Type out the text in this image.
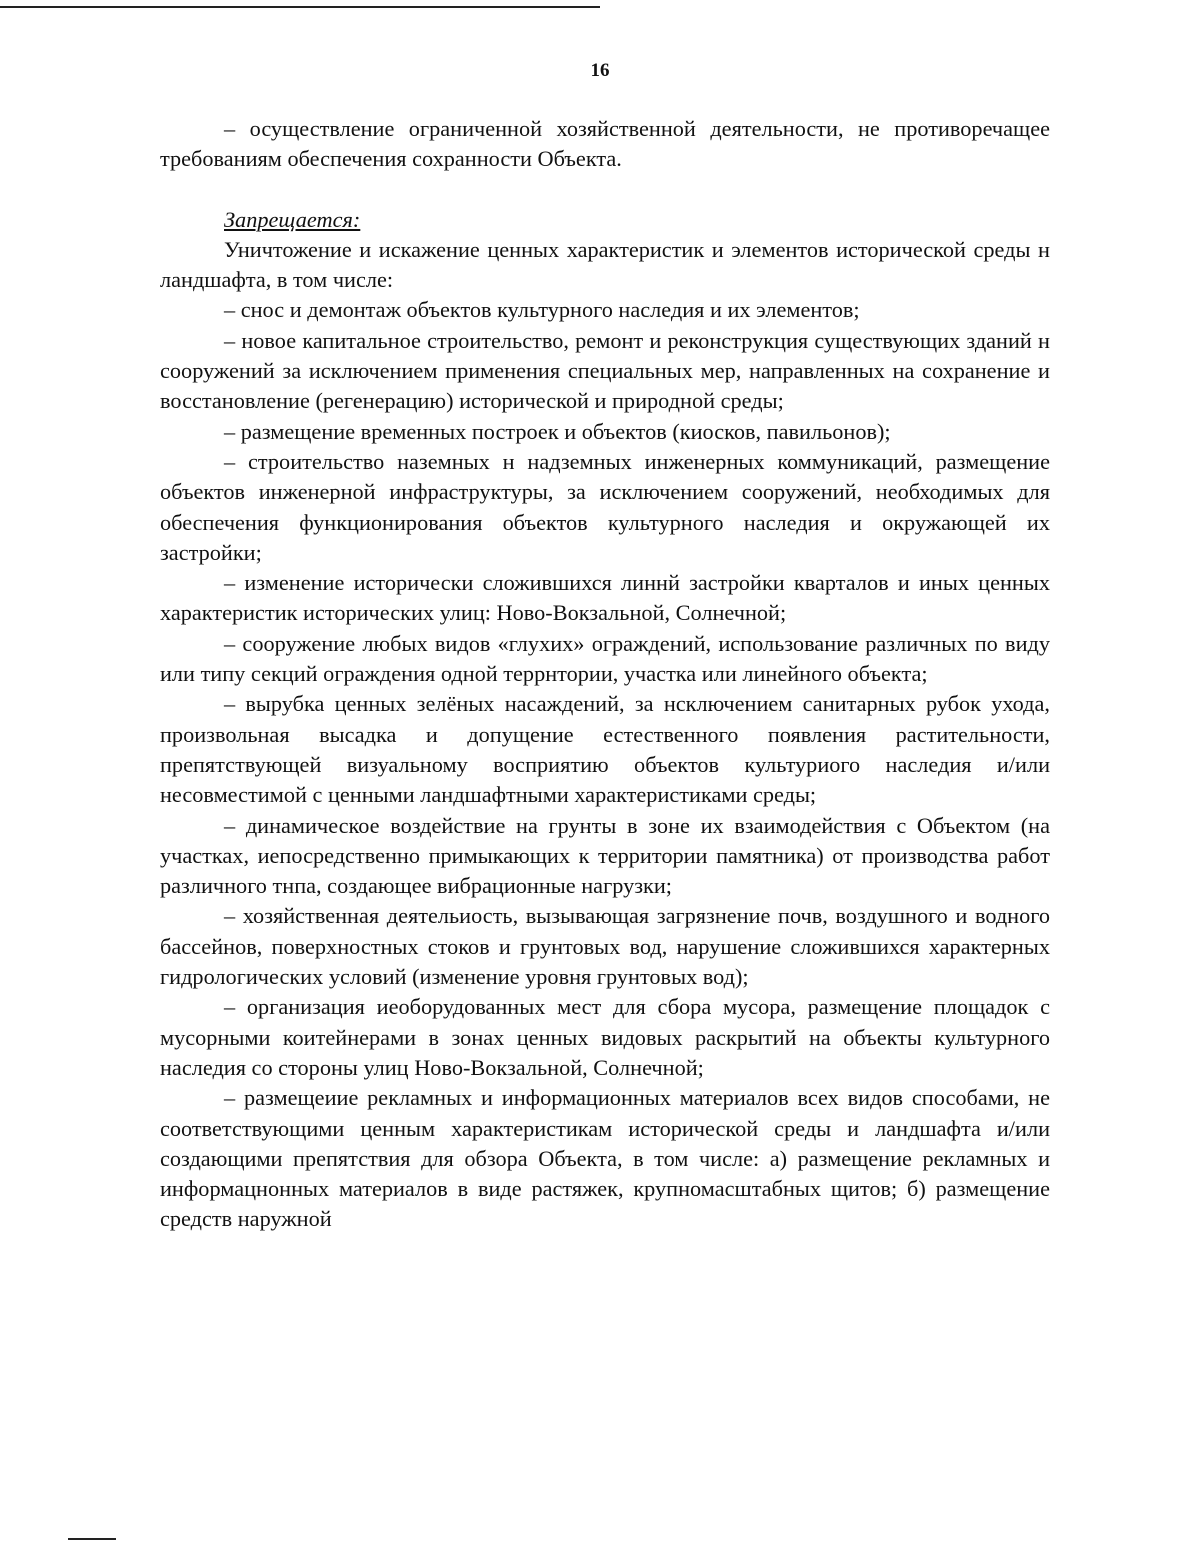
16

– осуществление ограниченной хозяйственной деятельности, не противоречащее требованиям обеспечения сохранности Объекта.

Запрещается:

Уничтожение и искажение ценных характеристик и элементов исторической среды н ландшафта, в том числе:

– снос и демонтаж объектов культурного наследия и их элементов;

– новое капитальное строительство, ремонт и реконструкция существующих зданий н сооружений за исключением применения специальных мер, направленных на сохранение и восстановление (регенерацию) исторической и природной среды;

– размещение временных построек и объектов (киосков, павильонов);

– строительство наземных н надземных инженерных коммуникаций, размещение объектов инженерной инфраструктуры, за исключением сооружений, необходимых для обеспечения функционирования объектов культурного наследия и окружающей их застройки;

– изменение исторически сложившихся линнй застройки кварталов и иных ценных характеристик исторических улиц: Ново-Вокзальной, Солнечной;

– сооружение любых видов «глухих» ограждений, использование различных по виду или типу секций ограждения одной террнтории, участка или линейного объекта;

– вырубка ценных зелёных насаждений, за нсключением санитарных рубок ухода, произвольная высадка и допущение естественного появления растительности, препятствующей визуальному восприятию объектов культуриого наследия и/или несовместимой с ценными ландшафтными характеристиками среды;

– динамическое воздействие на грунты в зоне их взаимодействия с Объектом (на участках, иепосредственно примыкающих к территории памятника) от производства работ различного тнпа, создающее вибрационные нагрузки;

– хозяйственная деятельиость, вызывающая загрязнение почв, воздушного и водного бассейнов, поверхностных стоков и грунтовых вод, нарушение сложившихся характерных гидрологических условий (изменение уровня грунтовых вод);

– организация иеоборудованных мест для сбора мусора, размещение площадок с мусорными коитейнерами в зонах ценных видовых раскрытий на объекты культурного наследия со стороны улиц Ново-Вокзальной, Солнечной;

– размещеиие рекламных и информационных материалов всех видов способами, не соответствующими ценным характеристикам исторической среды и ландшафта и/или создающими препятствия для обзора Объекта, в том числе: а) размещение рекламных и информацнонных материалов в виде растяжек, крупномасштабных щитов; б) размещение средств наружной
